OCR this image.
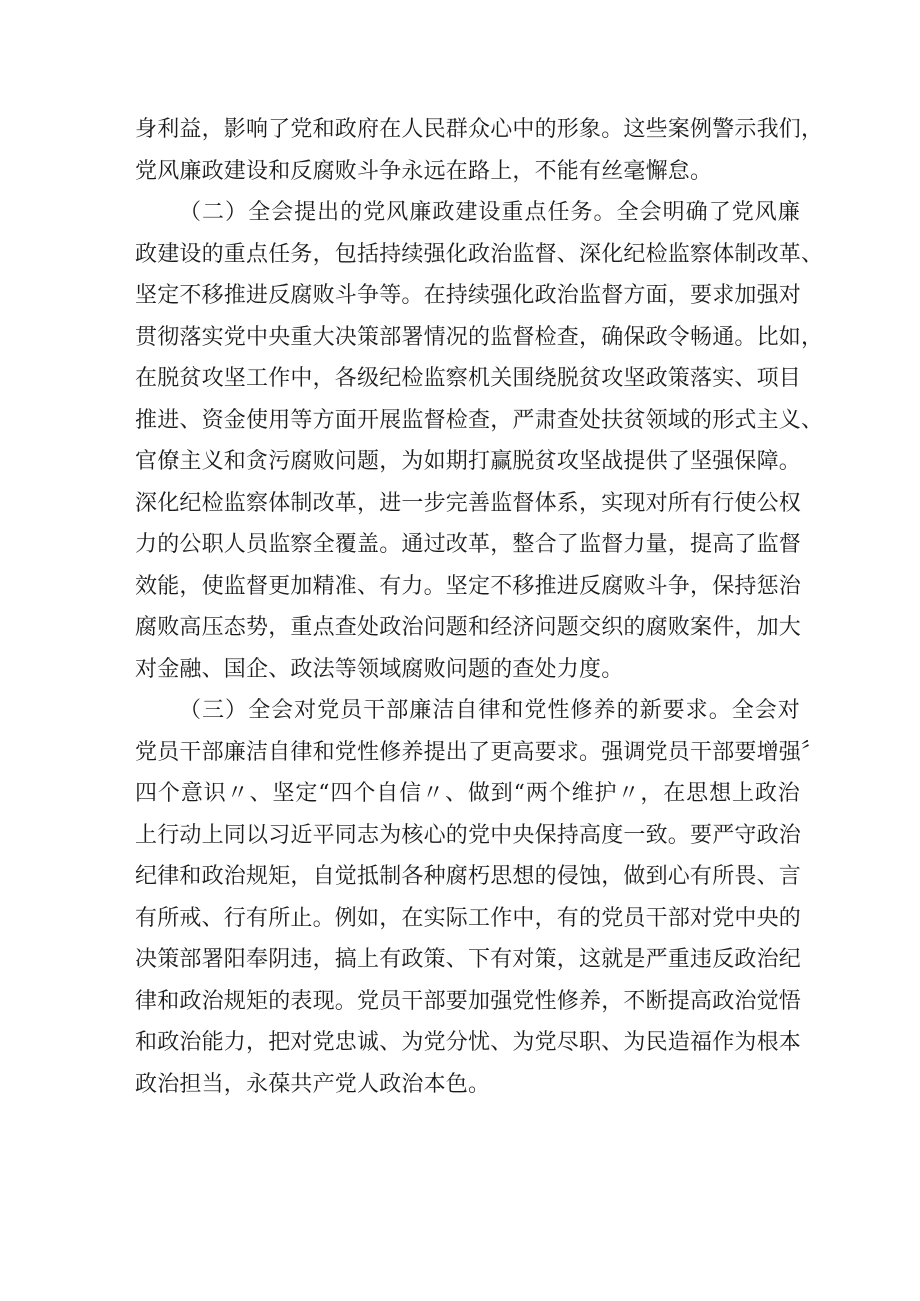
身利益，影响了党和政府在人民群众心中的形象。这些案例警示我们，
党风廉政建设和反腐败斗争永远在路上，不能有丝毫懈怠。
（二）全会提出的党风廉政建设重点任务。全会明确了党风廉
政建设的重点任务，包括持续强化政治监督、深化纪检监察体制改革、
坚定不移推进反腐败斗争等。在持续强化政治监督方面，要求加强对
贯彻落实党中央重大决策部署情况的监督检查，确保政令畅通。比如，
在脱贫攻坚工作中，各级纪检监察机关围绕脱贫攻坚政策落实、项目
推进、资金使用等方面开展监督检查，严肃查处扶贫领域的形式主义、
官僚主义和贪污腐败问题，为如期打赢脱贫攻坚战提供了坚强保障。
深化纪检监察体制改革，进一步完善监督体系，实现对所有行使公权
力的公职人员监察全覆盖。通过改革，整合了监督力量，提高了监督
效能，使监督更加精准、有力。坚定不移推进反腐败斗争，保持惩治
腐败高压态势，重点查处政治问题和经济问题交织的腐败案件，加大
对金融、国企、政法等领域腐败问题的查处力度。
（三）全会对党员干部廉洁自律和党性修养的新要求。全会对
党员干部廉洁自律和党性修养提出了更高要求。强调党员干部要增强〞
四个意识〃、坚定“四个自信〃、做到“两个维护〃，在思想上政治
上行动上同以习近平同志为核心的党中央保持高度一致。要严守政治
纪律和政治规矩，自觉抵制各种腐朽思想的侵蚀，做到心有所畏、言
有所戒、行有所止。例如，在实际工作中，有的党员干部对党中央的
决策部署阳奉阴违，搞上有政策、下有对策，这就是严重违反政治纪
律和政治规矩的表现。党员干部要加强党性修养，不断提高政治觉悟
和政治能力，把对党忠诚、为党分忧、为党尽职、为民造福作为根本
政治担当，永葆共产党人政治本色。
